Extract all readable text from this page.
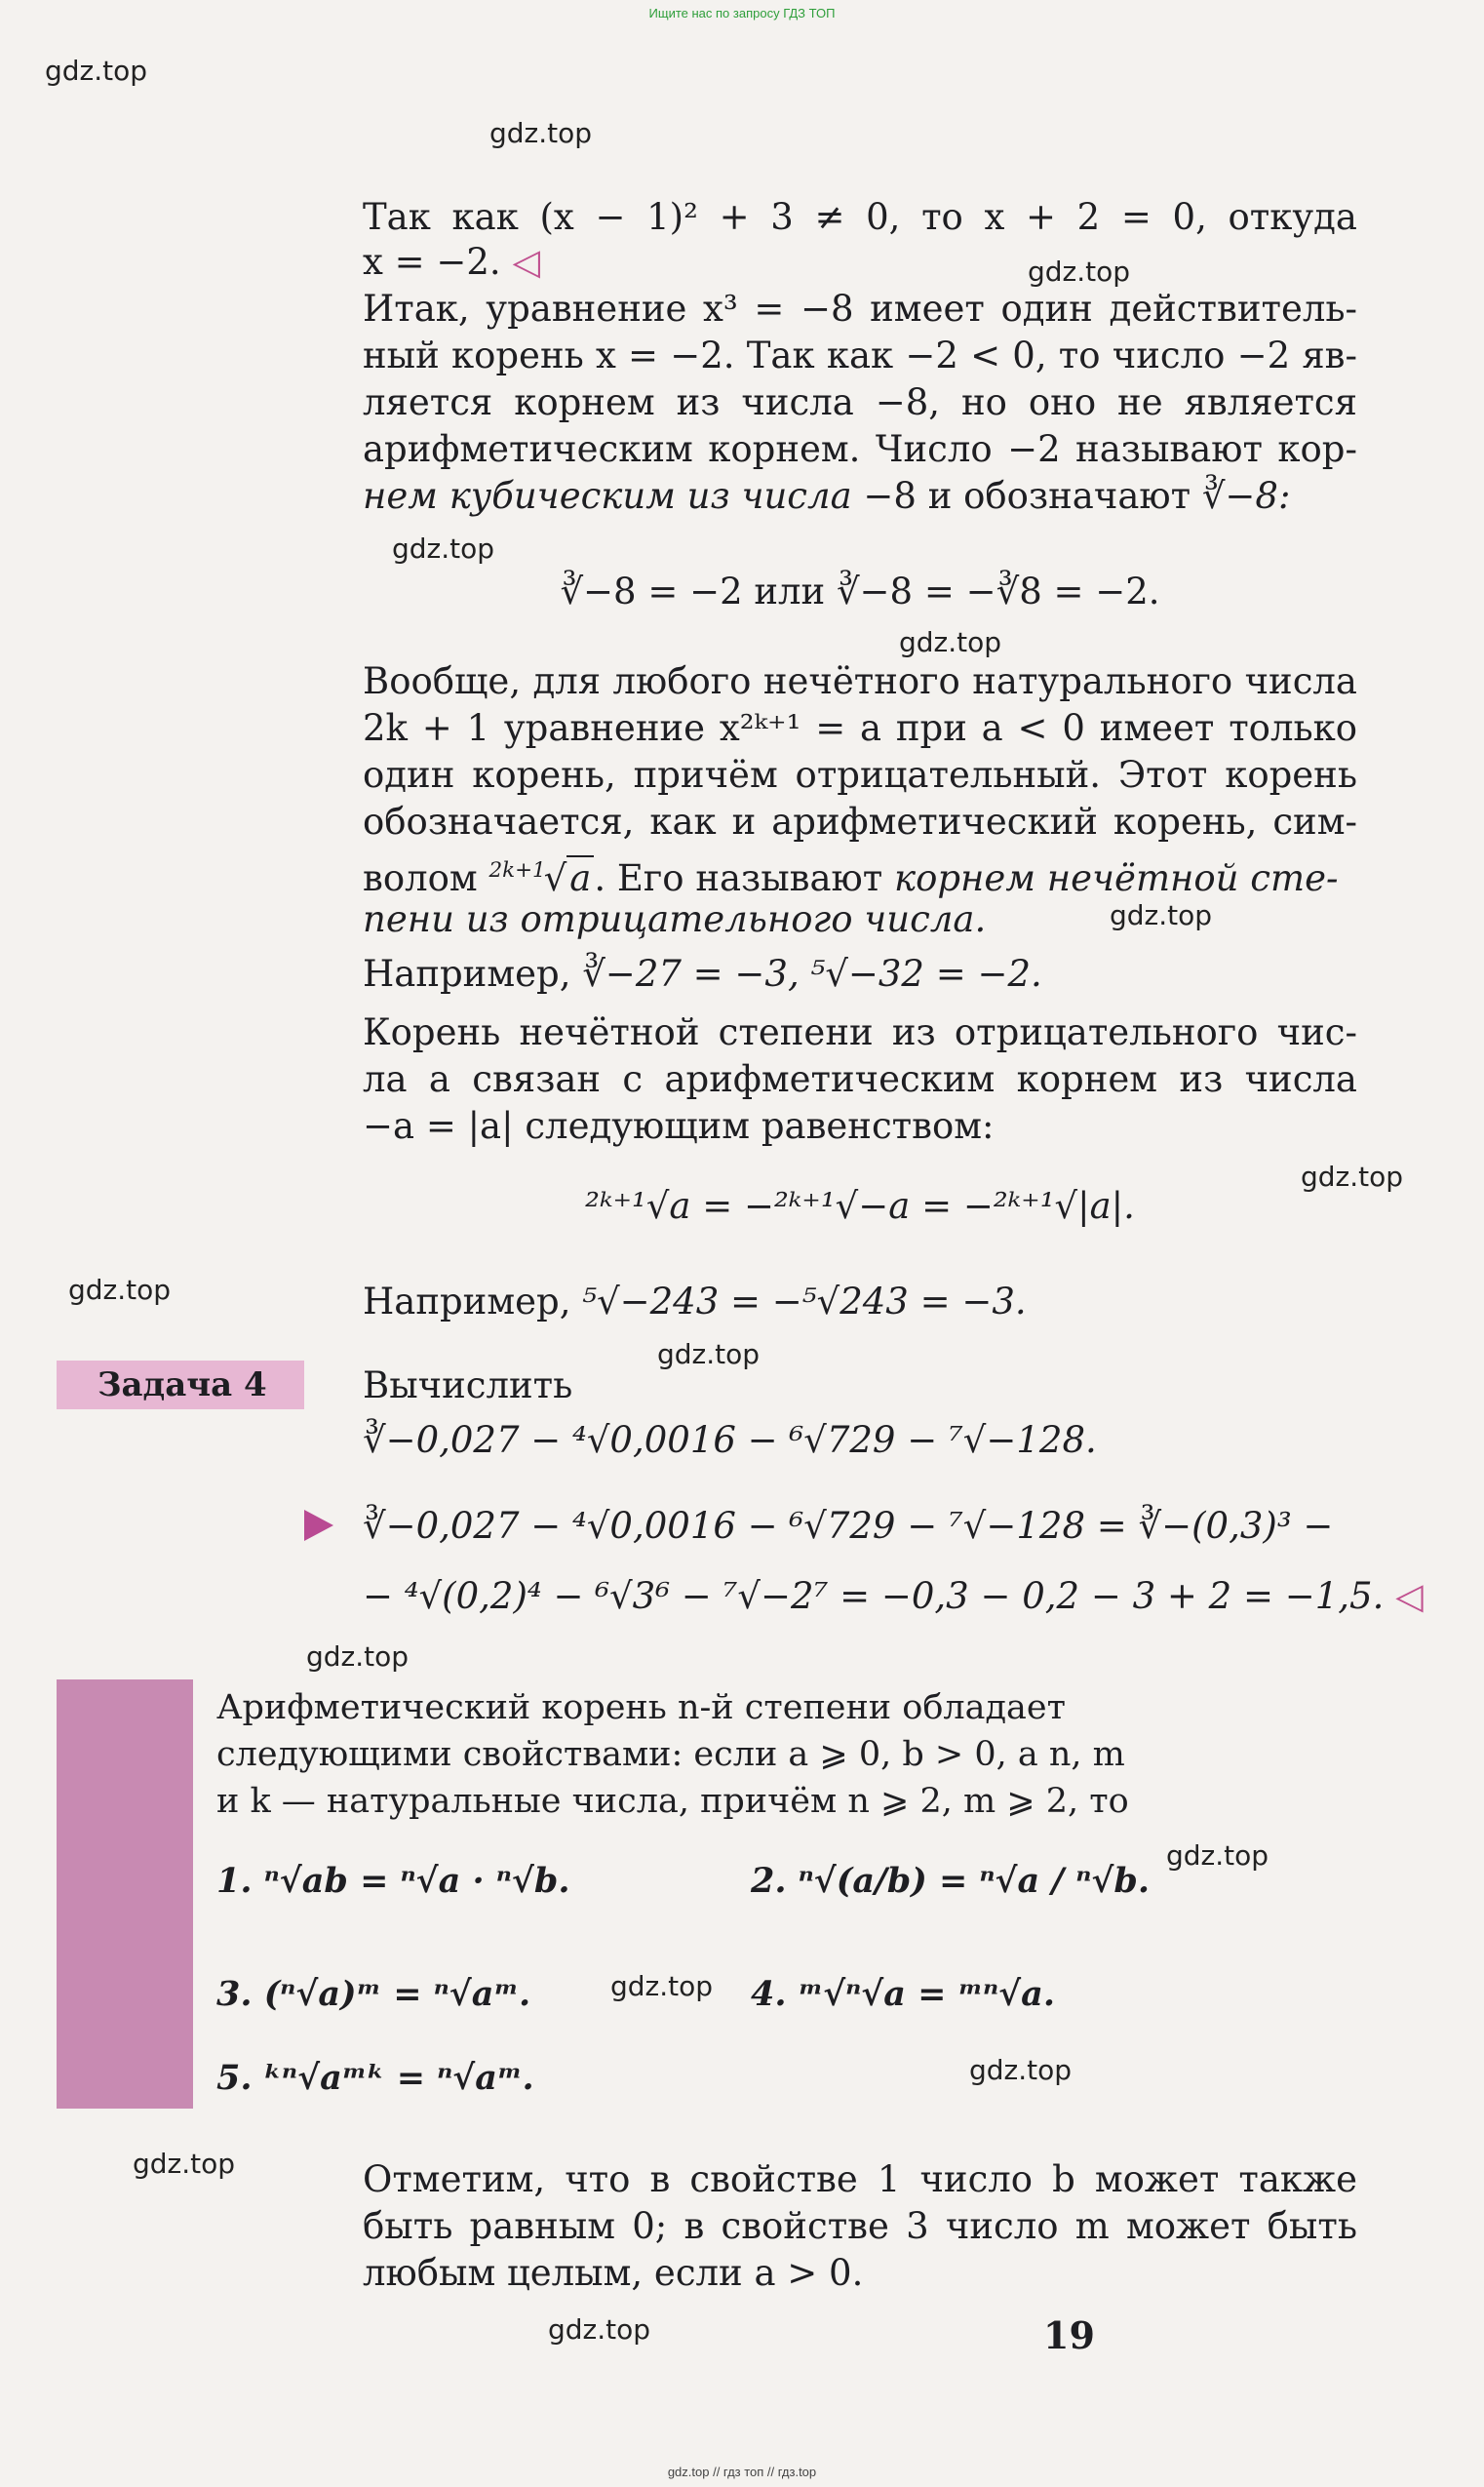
Ищите нас по запросу ГДЗ ТОП
gdz.top
gdz.top
gdz.top
gdz.top
gdz.top
gdz.top
gdz.top
gdz.top
gdz.top
gdz.top
gdz.top
gdz.top
gdz.top
gdz.top
gdz.top
Так как (x − 1)² + 3 ≠ 0, то x + 2 = 0, откуда
x = −2. ◁
Итак, уравнение x³ = −8 имеет один действитель-
ный корень x = −2. Так как −2 < 0, то число −2 яв-
ляется корнем из числа −8, но оно не является
арифметическим корнем. Число −2 называют кор-
нем кубическим из числа −8 и обозначают ∛−8:
∛−8 = −2 или ∛−8 = −∛8 = −2.
Вообще, для любого нечётного натурального числа
2k + 1 уравнение x²ᵏ⁺¹ = a при a < 0 имеет только
один корень, причём отрицательный. Этот корень
обозначается, как и арифметический корень, сим-
волом $^{2k+1}$√a. Его называют корнем нечётной сте-
пени из отрицательного числа.
Например, ∛−27 = −3, ⁵√−32 = −2.
Корень нечётной степени из отрицательного чис-
ла a связан с арифметическим корнем из числа
−a = |a| следующим равенством:
²ᵏ⁺¹√a = −²ᵏ⁺¹√−a = −²ᵏ⁺¹√|a|.
Например, ⁵√−243 = −⁵√243 = −3.
Задача 4	Вычислить
∛−0,027 − ⁴√0,0016 − ⁶√729 − ⁷√−128.
∛−0,027 − ⁴√0,0016 − ⁶√729 − ⁷√−128 = ∛−(0,3)³ −
− ⁴√(0,2)⁴ − ⁶√3⁶ − ⁷√−2⁷ = −0,3 − 0,2 − 3 + 2 = −1,5. ◁
Арифметический корень n-й степени обладает
следующими свойствами: если a ⩾ 0, b > 0, а n, m
и k — натуральные числа, причём n ⩾ 2, m ⩾ 2, то
1. ⁿ√ab = ⁿ√a · ⁿ√b.	2. ⁿ√(a/b) = ⁿ√a / ⁿ√b.
3. (ⁿ√a)ᵐ = ⁿ√aᵐ.	4. ᵐ√ⁿ√a = ᵐⁿ√a.
5. ᵏⁿ√aᵐᵏ = ⁿ√aᵐ.
Отметим, что в свойстве 1 число b может также
быть равным 0; в свойстве 3 число m может быть
любым целым, если a > 0.
19
gdz.top // гдз топ // гдз.top
